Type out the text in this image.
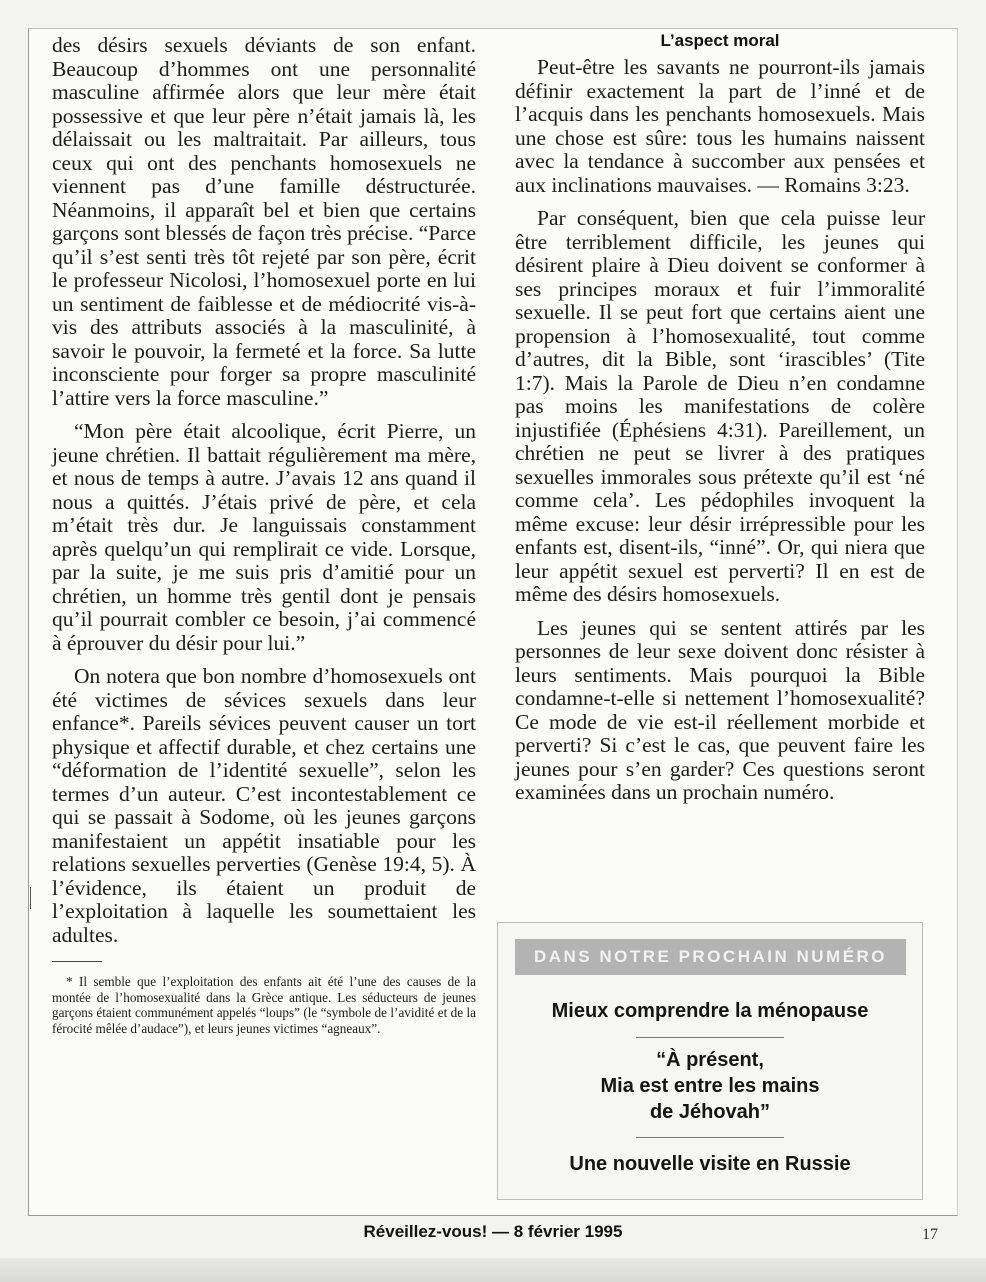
des désirs sexuels déviants de son enfant. Beaucoup d’hommes ont une personnalité masculine affirmée alors que leur mère était possessive et que leur père n’était jamais là, les délaissait ou les maltraitait. Par ailleurs, tous ceux qui ont des penchants homosexuels ne viennent pas d’une famille déstructurée. Néanmoins, il apparaît bel et bien que certains garçons sont blessés de façon très précise. “Parce qu’il s’est senti très tôt rejeté par son père, écrit le professeur Nicolosi, l’homosexuel porte en lui un sentiment de faiblesse et de médiocrité vis-à-vis des attributs associés à la masculinité, à savoir le pouvoir, la fermeté et la force. Sa lutte inconsciente pour forger sa propre masculinité l’attire vers la force masculine.”

“Mon père était alcoolique, écrit Pierre, un jeune chrétien. Il battait régulièrement ma mère, et nous de temps à autre. J’avais 12 ans quand il nous a quittés. J’étais privé de père, et cela m’était très dur. Je languissais constamment après quelqu’un qui remplirait ce vide. Lorsque, par la suite, je me suis pris d’amitié pour un chrétien, un homme très gentil dont je pensais qu’il pourrait combler ce besoin, j’ai commencé à éprouver du désir pour lui.”

On notera que bon nombre d’homosexuels ont été victimes de sévices sexuels dans leur enfance*. Pareils sévices peuvent causer un tort physique et affectif durable, et chez certains une “déformation de l’identité sexuelle”, selon les termes d’un auteur. C’est incontestablement ce qui se passait à Sodome, où les jeunes garçons manifestaient un appétit insatiable pour les relations sexuelles perverties (Genèse 19:4, 5). À l’évidence, ils étaient un produit de l’exploitation à laquelle les soumettaient les adultes.

* Il semble que l’exploitation des enfants ait été l’une des causes de la montée de l’homosexualité dans la Grèce antique. Les séducteurs de jeunes garçons étaient communément appelés “loups” (le “symbole de l’avidité et de la férocité mêlée d’audace”), et leurs jeunes victimes “agneaux”.

L’aspect moral

Peut-être les savants ne pourront-ils jamais définir exactement la part de l’inné et de l’acquis dans les penchants homosexuels. Mais une chose est sûre: tous les humains naissent avec la tendance à succomber aux pensées et aux inclinations mauvaises. — Romains 3:23.

Par conséquent, bien que cela puisse leur être terriblement difficile, les jeunes qui désirent plaire à Dieu doivent se conformer à ses principes moraux et fuir l’immoralité sexuelle. Il se peut fort que certains aient une propension à l’homosexualité, tout comme d’autres, dit la Bible, sont ‘irascibles’ (Tite 1:7). Mais la Parole de Dieu n’en condamne pas moins les manifestations de colère injustifiée (Éphésiens 4:31). Pareillement, un chrétien ne peut se livrer à des pratiques sexuelles immorales sous prétexte qu’il est ‘né comme cela’. Les pédophiles invoquent la même excuse: leur désir irrépressible pour les enfants est, disent-ils, “inné”. Or, qui niera que leur appétit sexuel est perverti? Il en est de même des désirs homosexuels.

Les jeunes qui se sentent attirés par les personnes de leur sexe doivent donc résister à leurs sentiments. Mais pourquoi la Bible condamne-t-elle si nettement l’homosexualité? Ce mode de vie est-il réellement morbide et perverti? Si c’est le cas, que peuvent faire les jeunes pour s’en garder? Ces questions seront examinées dans un prochain numéro.

DANS NOTRE PROCHAIN NUMÉRO
Mieux comprendre la ménopause
“À présent,
Mia est entre les mains
de Jéhovah”
Une nouvelle visite en Russie
Réveillez-vous! — 8 février 1995	17
